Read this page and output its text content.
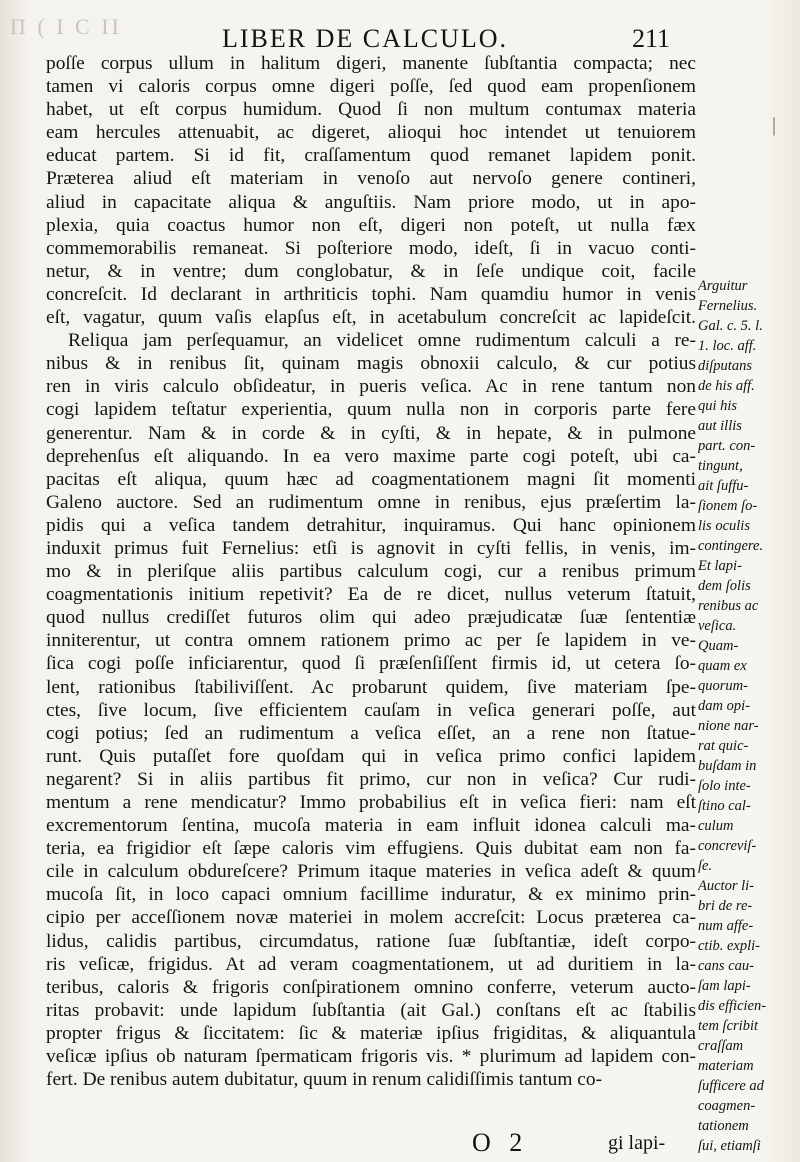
Π ( I C ΙΙ
|
LIBER DE CALCULO.	211
poſſe corpus ullum in halitum digeri, manente ſubſtantia compacta; nec
tamen vi caloris corpus omne digeri poſſe, ſed quod eam propenſionem
habet, ut eſt corpus humidum. Quod ſi non multum contumax materia
eam hercules attenuabit, ac digeret, alioqui hoc intendet ut tenuiorem
educat partem. Si id fit, craſſamentum quod remanet lapidem ponit.
Præterea aliud eſt materiam in venoſo aut nervoſo genere contineri,
aliud in capacitate aliqua & anguſtiis. Nam priore modo, ut in apo-
plexia, quia coactus humor non eſt, digeri non poteſt, ut nulla fæx
commemorabilis remaneat. Si poſteriore modo, ideſt, ſi in vacuo conti-
netur, & in ventre; dum conglobatur, & in ſeſe undique coit, facile
concreſcit. Id declarant in arthriticis tophi. Nam quamdiu humor in venis
eſt, vagatur, quum vaſis elapſus eſt, in acetabulum concreſcit ac lapideſcit.
Reliqua jam perſequamur, an videlicet omne rudimentum calculi a re-
nibus & in renibus ſit, quinam magis obnoxii calculo, & cur potius
ren in viris calculo obſideatur, in pueris veſica. Ac in rene tantum non
cogi lapidem teſtatur experientia, quum nulla non in corporis parte fere
generentur. Nam & in corde & in cyſti, & in hepate, & in pulmone
deprehenſus eſt aliquando. In ea vero maxime parte cogi poteſt, ubi ca-
pacitas eſt aliqua, quum hæc ad coagmentationem magni ſit momenti
Galeno auctore. Sed an rudimentum omne in renibus, ejus præſertim la-
pidis qui a veſica tandem detrahitur, inquiramus. Qui hanc opinionem
induxit primus fuit Fernelius: etſi is agnovit in cyſti fellis, in venis, im-
mo & in pleriſque aliis partibus calculum cogi, cur a renibus primum
coagmentationis initium repetivit? Ea de re dicet, nullus veterum ſtatuit,
quod nullus crediſſet futuros olim qui adeo præjudicatæ ſuæ ſententiæ
inniterentur, ut contra omnem rationem primo ac per ſe lapidem in ve-
ſica cogi poſſe inficiarentur, quod ſi præſenſiſſent firmis id, ut cetera ſo-
lent, rationibus ſtabiliviſſent. Ac probarunt quidem, ſive materiam ſpe-
ctes, ſive locum, ſive efficientem cauſam in veſica generari poſſe, aut
cogi potius; ſed an rudimentum a veſica eſſet, an a rene non ſtatue-
runt. Quis putaſſet fore quoſdam qui in veſica primo confici lapidem
negarent? Si in aliis partibus fit primo, cur non in veſica? Cur rudi-
mentum a rene mendicatur? Immo probabilius eſt in veſica fieri: nam eſt
excrementorum ſentina, mucoſa materia in eam influit idonea calculi ma-
teria, ea frigidior eſt ſæpe caloris vim effugiens. Quis dubitat eam non fa-
cile in calculum obdureſcere? Primum itaque materies in veſica adeſt & quum
mucoſa ſit, in loco capaci omnium facillime induratur, & ex minimo prin-
cipio per acceſſionem novæ materiei in molem accreſcit: Locus præterea ca-
lidus, calidis partibus, circumdatus, ratione ſuæ ſubſtantiæ, ideſt corpo-
ris veſicæ, frigidus. At ad veram coagmentationem, ut ad duritiem in la-
teribus, caloris & frigoris conſpirationem omnino conferre, veterum aucto-
ritas probavit: unde lapidum ſubſtantia (ait Gal.) conſtans eſt ac ſtabilis
propter frigus & ſiccitatem: ſic & materiæ ipſius frigiditas, & aliquantula
veſicæ ipſius ob naturam ſpermaticam frigoris vis. * plurimum ad lapidem con-
fert. De renibus autem dubitatur, quum in renum calidiſſimis tantum co-
Arguitur
Fernelius.
Gal. c. 5. l.
1. loc. aff.
diſputans
de his aff.
qui his
aut illis
part. con-
tingunt,
ait ſuffu-
ſionem ſo-
lis oculis
contingere.
Et lapi-
dem ſolis
renibus ac
veſica.
Quam-
quam ex
quorum-
dam opi-
nione nar-
rat quic-
buſdam in
ſolo inte-
ſtino cal-
culum
concreviſ-
ſe.
Auctor li-
bri de re-
num affe-
ctib. expli-
cans cau-
ſam lapi-
dis efficien-
tem ſcribit
craſſam
materiam
ſufficere ad
coagmen-
tationem
ſui, etiamſi
O 2	gi lapi-
